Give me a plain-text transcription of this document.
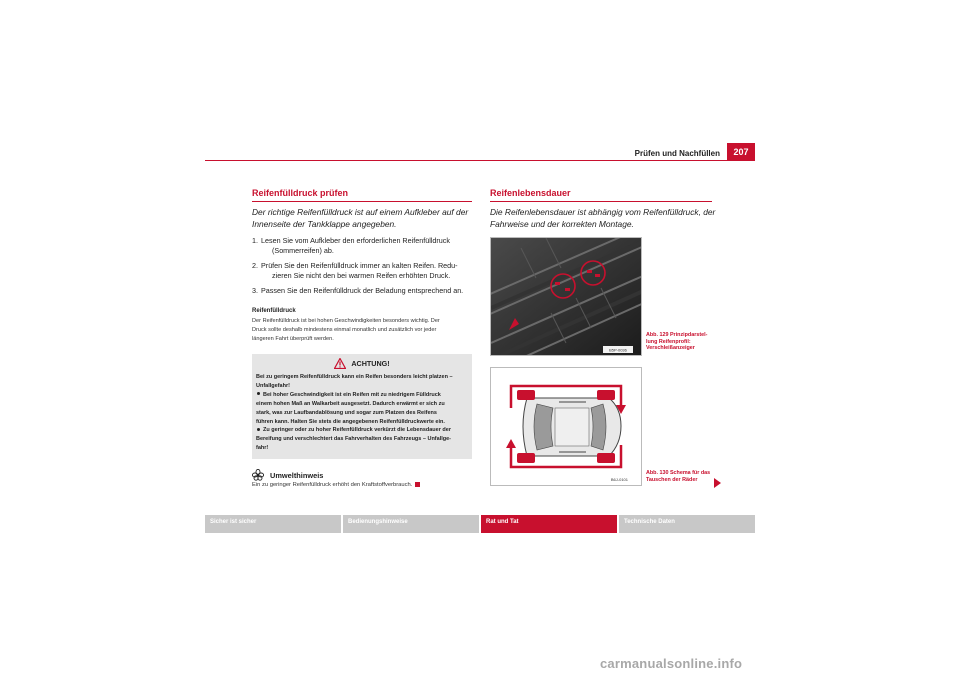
Prüfen und Nachfüllen	207
Reifenfülldruck prüfen
Der richtige Reifenfülldruck ist auf einem Aufkleber auf der
Innenseite der Tankklappe angegeben.
1. Lesen Sie vom Aufkleber den erforderlichen Reifenfülldruck
(Sommerreifen) ab.
2. Prüfen Sie den Reifenfülldruck immer an kalten Reifen. Redu-
zieren Sie nicht den bei warmen Reifen erhöhten Druck.
3. Passen Sie den Reifenfülldruck der Beladung entsprechend an.
Reifenfülldruck
Der Reifenfülldruck ist bei hohen Geschwindigkeiten besonders wichtig. Der
Druck sollte deshalb mindestens einmal monatlich und zusätzlich vor jeder
längeren Fahrt überprüft werden.
ACHTUNG!
Bei zu geringem Reifenfülldruck kann ein Reifen besonders leicht platzen –
Unfallgefahr!
Bei hoher Geschwindigkeit ist ein Reifen mit zu niedrigem Fülldruck
einem hohen Maß an Walkarbeit ausgesetzt. Dadurch erwärmt er sich zu
stark, was zur Laufbandablösung und sogar zum Platzen des Reifens
führen kann. Halten Sie stets die angegebenen Reifenfülldruckwerte ein.
Zu geringer oder zu hoher Reifenfülldruck verkürzt die Lebensdauer der
Bereifung und verschlechtert das Fahrverhalten des Fahrzeugs – Unfallge-
fahr!
Umwelthinweis
Ein zu geringer Reifenfülldruck erhöht den Kraftstoffverbrauch.
Reifenlebensdauer
Die Reifenlebensdauer ist abhängig vom Reifenfülldruck, der
Fahrweise und der korrekten Montage.
B5P-0036
Abb. 129 Prinzipdarstel-
lung Reifenprofil:
Verschleißanzeiger
B6J-0101
Abb. 130 Schema für das
Tauschen der Räder
Sicher ist sicher	Bedienungshinweise	Rat und Tat	Technische Daten
carmanualsonline.info
